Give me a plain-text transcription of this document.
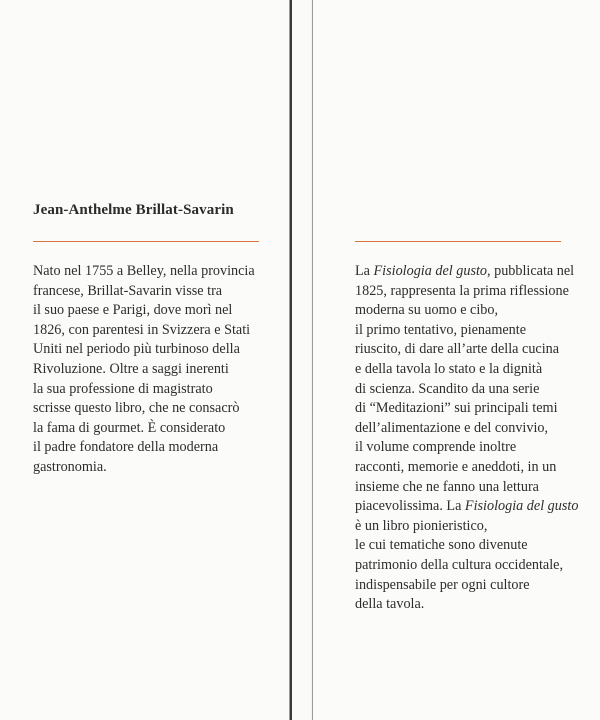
Jean-Anthelme Brillat-Savarin
Nato nel 1755 a Belley, nella provincia
francese, Brillat-Savarin visse tra
il suo paese e Parigi, dove morì nel
1826, con parentesi in Svizzera e Stati
Uniti nel periodo più turbinoso della
Rivoluzione. Oltre a saggi inerenti
la sua professione di magistrato
scrisse questo libro, che ne consacrò
la fama di gourmet. È considerato
il padre fondatore della moderna
gastronomia.
La Fisiologia del gusto, pubblicata nel
1825, rappresenta la prima riflessione
moderna su uomo e cibo,
il primo tentativo, pienamente
riuscito, di dare all’arte della cucina
e della tavola lo stato e la dignità
di scienza. Scandito da una serie
di “Meditazioni” sui principali temi
dell’alimentazione e del convivio,
il volume comprende inoltre
racconti, memorie e aneddoti, in un
insieme che ne fanno una lettura
piacevolissima. La Fisiologia del gusto
è un libro pionieristico,
le cui tematiche sono divenute
patrimonio della cultura occidentale,
indispensabile per ogni cultore
della tavola.
